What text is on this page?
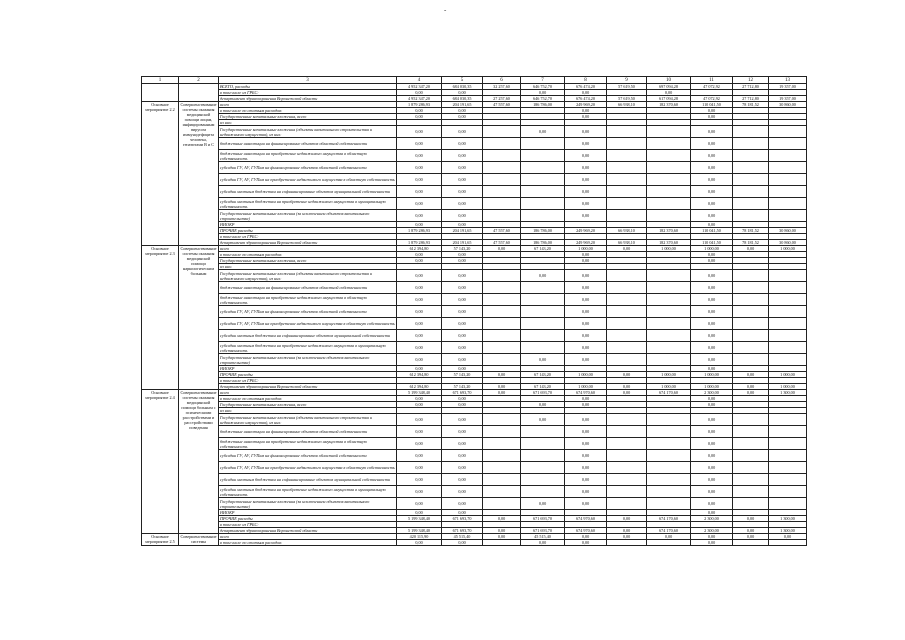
-
1	2	3	4	5	6	7	8	9	10	11	12	13
		ВСЕГО, расходы	4 952 347,20	684 030,35	32 257,60	646 752,70	676 474,20	57 619,50	697 094,28	47 072,92	27 712,80	19 357,00
		в том числе из ГРБС:	0,00	0,00		0,00	0,00		0,00			
		департамент здравоохранения Воронежской области	4 952 347,20	684 030,35	27 257,60	646 752,70	676 474,20	57 619,50	617 094,28	47 072,92	27 712,80	19 357,00
Основное мероприятие 2.2	Совершенствование системы оказания медицинской помощи лицам, инфицированным вирусом иммунодефицита человека, гепатитами B и C	всего	1 879 286,93	204 191,65	47 557,60	186 786,00	249 969,20	66 938,10	182 370,60	110 041,50	78 181,52	30 860,00
		в том числе по статьям расходов:	0,00	0,00			0,00			0,00		
		Государственные капитальные вложения, всего	0,00	0,00			0,00			0,00		
		из них:										
		Государственные капитальные вложения (объекты капитального строительства и недвижимого имущества), из них:	0,00	0,00		0,00	0,00			0,00		
		бюджетные инвестиции на финансирование объектов областной собственности	0,00	0,00			0,00			0,00		
		бюджетные инвестиции на приобретение недвижимого имущества в областную собственность	0,00	0,00			0,00			0,00		
		субсидии ГУ, АУ, ГУПам на финансирование объектов областной собственности	0,00	0,00			0,00			0,00		
		субсидии ГУ, АУ, ГУПам на приобретение недвижимого имущества в областную собственность	0,00	0,00			0,00			0,00		
		субсидии местным бюджетам на софинансирование объектов муниципальной собственности	0,00	0,00			0,00			0,00		
		субсидии местным бюджетам на приобретение недвижимого имущества в муниципальную собственность	0,00	0,00			0,00			0,00		
		Государственные капитальные вложения (за исключением объектов капитального строительства)	0,00	0,00			0,00			0,00		
		НИОКР	0,00	0,00						0,00		
		ПРОЧИЕ расходы	1 879 286,93	204 191,65	47 557,60	186 786,00	249 969,20	66 938,10	182 370,60	110 041,50	78 181,52	30 860,00
		в том числе из ГРБС:										
		департамент здравоохранения Воронежской области	1 879 286,93	204 191,65	47 557,60	186 786,00	249 969,20	66 938,10	182 370,60	110 041,50	78 181,52	30 860,00
Основное мероприятие 2.3	Совершенствование системы оказания медицинской помощи наркологическим больным	всего	612 394,80	57 143,20	0,00	67 143,20	1 000,00	0,00	1 000,00	1 000,00	0,00	1 000,00
		в том числе по статьям расходов:	0,00	0,00			0,00			0,00		
		Государственные капитальные вложения, всего	0,00	0,00			0,00			0,00		
		из них:										
		Государственные капитальные вложения (объекты капитального строительства и недвижимого имущества), из них:	0,00	0,00		0,00	0,00			0,00		
		бюджетные инвестиции на финансирование объектов областной собственности	0,00	0,00			0,00			0,00		
		бюджетные инвестиции на приобретение недвижимого имущества в областную собственность	0,00	0,00			0,00			0,00		
		субсидии ГУ, АУ, ГУПам на финансирование объектов областной собственности	0,00	0,00			0,00			0,00		
		субсидии ГУ, АУ, ГУПам на приобретение недвижимого имущества в областную собственность	0,00	0,00			0,00			0,00		
		субсидии местным бюджетам на софинансирование объектов муниципальной собственности	0,00	0,00			0,00			0,00		
		субсидии местным бюджетам на приобретение недвижимого имущества в муниципальную собственность	0,00	0,00			0,00			0,00		
		Государственные капитальные вложения (за исключением объектов капитального строительства)	0,00	0,00		0,00	0,00			0,00		
		НИОКР	0,00	0,00						0,00		
		ПРОЧИЕ расходы	612 394,80	57 143,20	0,00	67 143,20	1 000,00	0,00	1 000,00	1 000,00	0,00	1 000,00
		в том числе из ГРБС:										
		департамент здравоохранения Воронежской области	612 394,80	57 143,20	0,00	67 143,20	1 000,00	0,00	1 000,00	1 000,00	0,00	1 000,00
Основное мероприятие 2.4	Совершенствование системы оказания медицинской помощи больным с психическими расстройствами и расстройствами поведения	всего	5 199 348,40	671 693,70	0,00	671 693,70	674 970,60	0,00	674 170,60	2 300,00	0,00	1 300,00
		в том числе по статьям расходов:	0,00	0,00			0,00			0,00		
		Государственные капитальные вложения, всего	0,00	0,00		0,00	0,00			0,00		
		из них:										
		Государственные капитальные вложения (объекты капитального строительства и недвижимого имущества), из них:	0,00	0,00		0,00	0,00			0,00		
		бюджетные инвестиции на финансирование объектов областной собственности	0,00	0,00			0,00			0,00		
		бюджетные инвестиции на приобретение недвижимого имущества в областную собственность	0,00	0,00			0,00			0,00		
		субсидии ГУ, АУ, ГУПам на финансирование объектов областной собственности	0,00	0,00			0,00			0,00		
		субсидии ГУ, АУ, ГУПам на приобретение недвижимого имущества в областную собственность	0,00	0,00			0,00			0,00		
		субсидии местным бюджетам на софинансирование объектов муниципальной собственности	0,00	0,00			0,00			0,00		
		субсидии местным бюджетам на приобретение недвижимого имущества в муниципальную собственность	0,00	0,00			0,00			0,00		
		Государственные капитальные вложения (за исключением объектов капитального строительства)	0,00	0,00		0,00	0,00			0,00		
		НИОКР	0,00	0,00						0,00		
		ПРОЧИЕ расходы	5 199 348,40	671 693,70	0,00	671 693,70	674 970,60	0,00	674 170,60	2 300,00	0,00	1 300,00
		в том числе из ГРБС:										
		департамент здравоохранения Воронежской области	5 199 348,40	671 693,70	0,00	671 693,70	674 970,60	0,00	674 170,60	2 300,00	0,00	1 300,00
Основное мероприятие 2.5	Совершенствование системы	всего	420 115,90	45 515,40	0,00	45 515,40	0,00	0,00	0,00	0,00	0,00	0,00
		в том числе по статьям расходов:	0,00	0,00		0,00	0,00			0,00		
